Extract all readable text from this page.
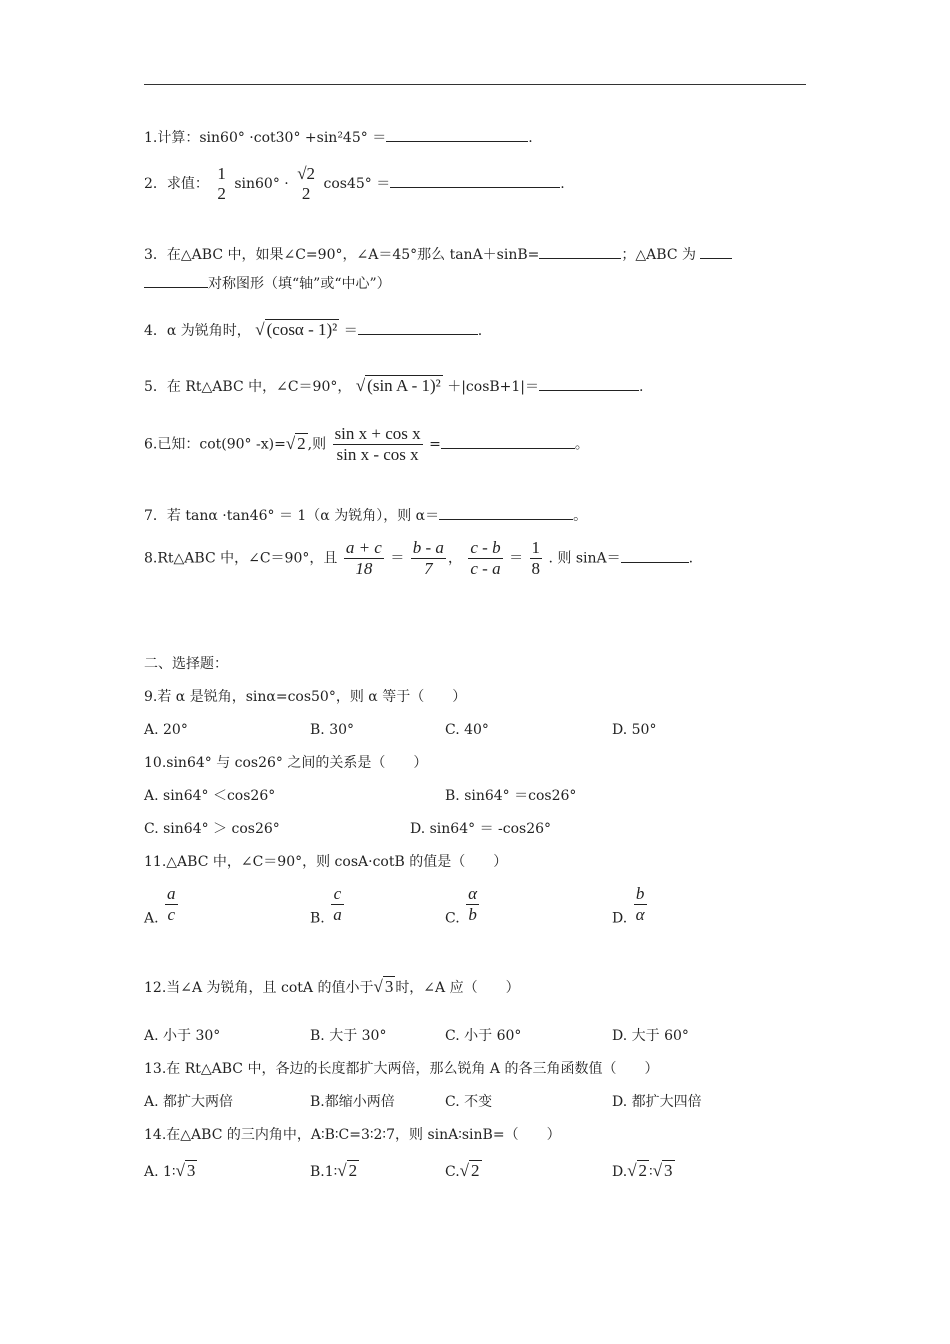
1.计算：sin60° ·cot30° +sin²45° ＝	.
2．求值：
1
2 sin60° ·
√2
2 cos45° ＝	.
3．在△ABC 中，如果∠C=90°，∠A＝45°那么 tanA＋sinB=	；△ABC 为
对称图形（填“轴”或“中心”）
4．α 为锐角时， √ (cosα - 1)² ＝	.
5．在 Rt△ABC 中，∠C＝90°， √ (sin A - 1)² ＋|cosB+1|＝	.
6.已知：cot(90° -x)=√ 2 ,则 $\frac{\text{sin x + cos x}}{\text{sin x - cos x}}$ =	。
7．若 tanα ·tan46° ＝ 1（α 为锐角），则 α＝	。
8.Rt△ABC 中，∠C＝90°，且 $\frac{a + c}{18} = \frac{b - a}{7}$ ， $\frac{c - b}{c - a} = \frac{1}{8}$ . 则 sinA＝	.
二、选择题：
9.若 α 是锐角，sinα=cos50°，则 α 等于（　　）
A. 20°	B. 30°	C. 40°	D. 50°
10.sin64° 与 cos26° 之间的关系是（　　）
A. sin64° ＜cos26°	B. sin64° ＝cos26°
C. sin64° ＞ cos26°	D. sin64° ＝ -cos26°
11.△ABC 中，∠C＝90°，则 cosA·cotB 的值是（　　）
A. $\frac{a}{c}$	B. $\frac{c}{a}$	C. $\frac{\alpha}{b}$	D. $\frac{b}{\alpha}$
12.当∠A 为锐角，且 cotA 的值小于√ 3 时，∠A 应（　　）
A. 小于 30°	B. 大于 30°	C. 小于 60°	D. 大于 60°
13.在 Rt△ABC 中，各边的长度都扩大两倍，那么锐角 A 的各三角函数值（　　）
A. 都扩大两倍	B.都缩小两倍	C. 不变	D. 都扩大四倍
14.在△ABC 的三内角中，A∶B∶C=3∶2∶7，则 sinA∶sinB=（　　）
A. 1∶√ 3	B.1∶√ 2	C.√ 2	D.√ 2 ∶√ 3
